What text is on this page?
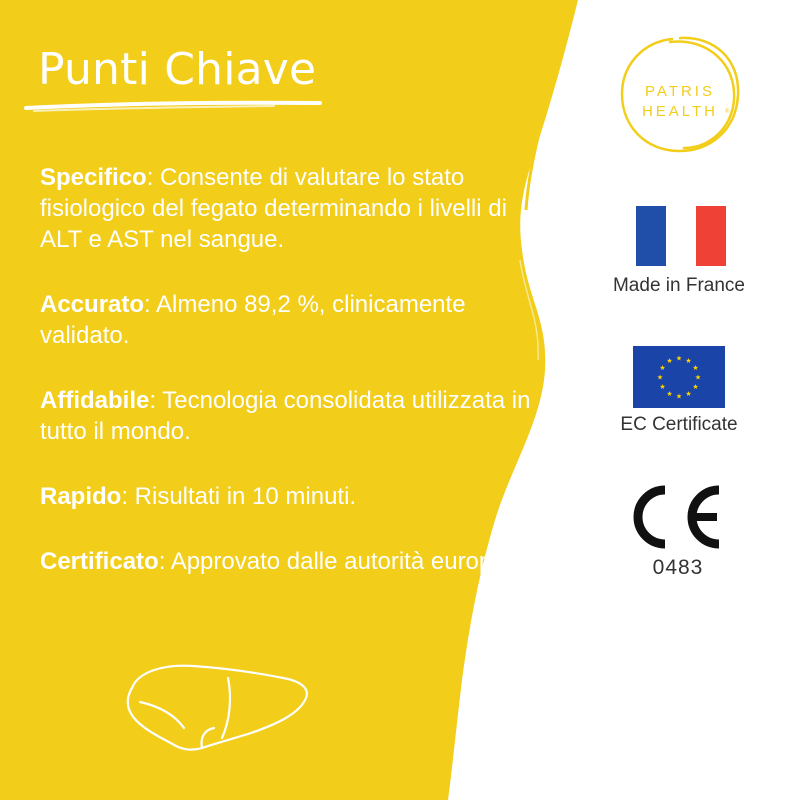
Punti Chiave

Specifico: Consente di valutare lo stato fisiologico del fegato determinando i livelli di ALT e AST nel sangue.

Accurato: Almeno 89,2 %, clinicamente validato.

Affidabile: Tecnologia consolidata utilizzata in tutto il mondo.

Rapido: Risultati in 10 minuti.

Certificato: Approvato dalle autorità europee.

PATRIS
HEALTH ®
Made in France
★ ★
★
★
★
★
★
★
★
★
★
★
EC Certificate
0483
